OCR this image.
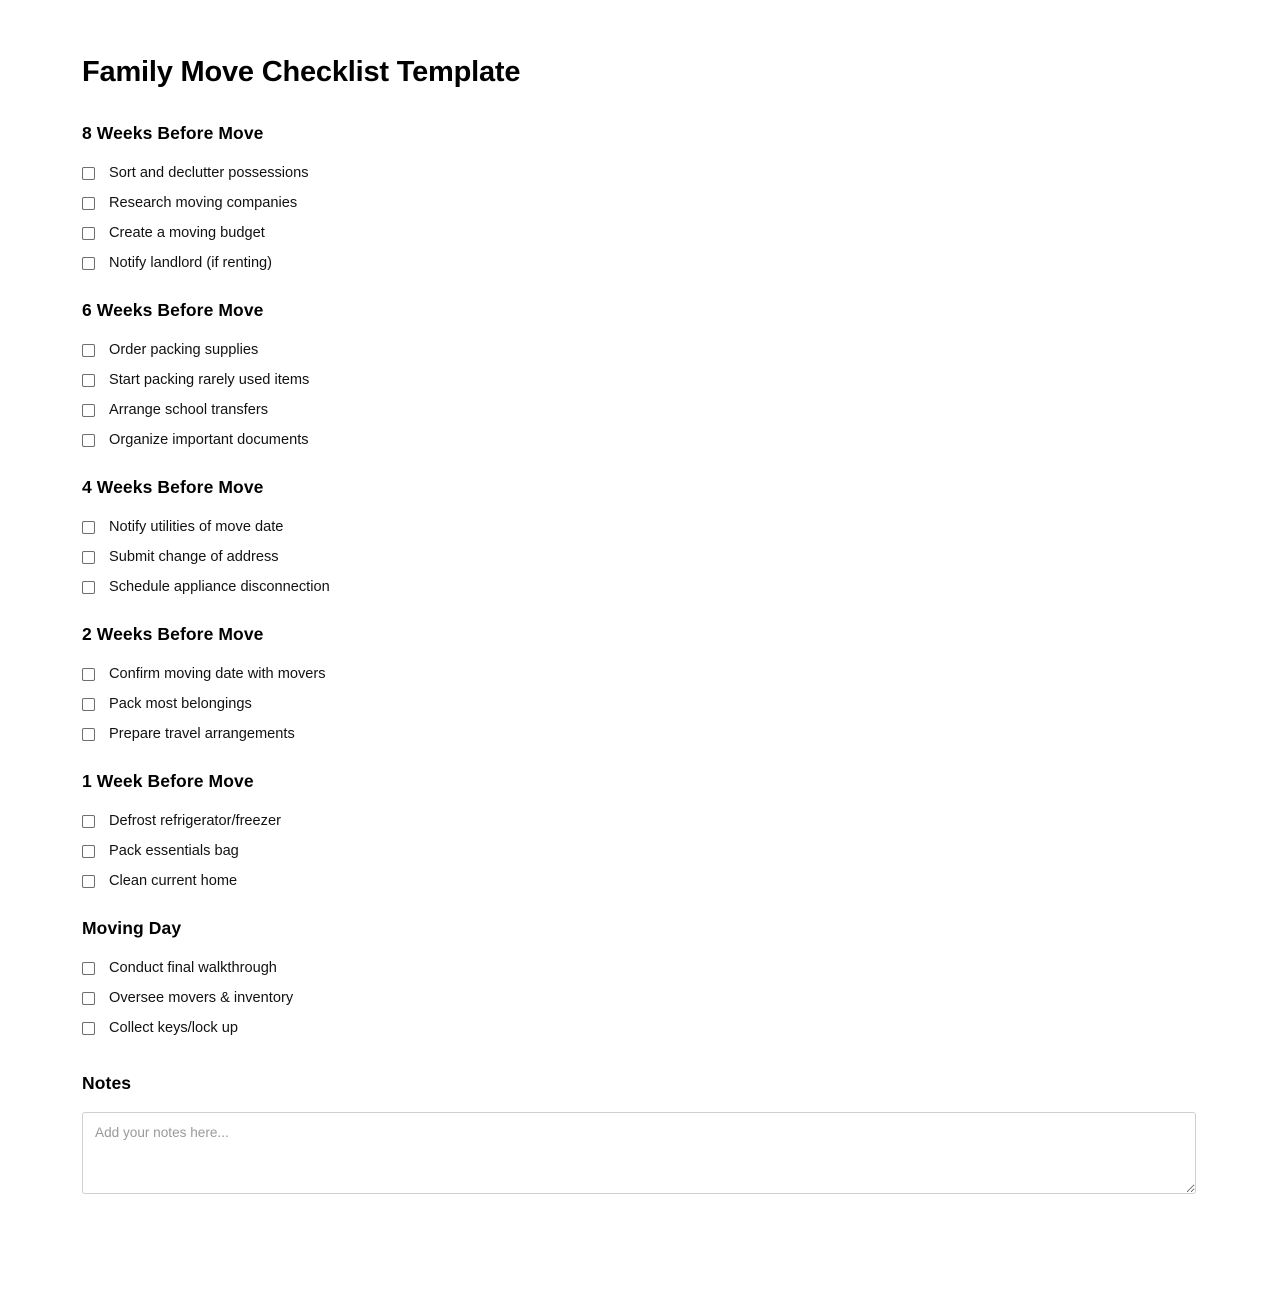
Family Move Checklist Template
8 Weeks Before Move
Sort and declutter possessions
Research moving companies
Create a moving budget
Notify landlord (if renting)
6 Weeks Before Move
Order packing supplies
Start packing rarely used items
Arrange school transfers
Organize important documents
4 Weeks Before Move
Notify utilities of move date
Submit change of address
Schedule appliance disconnection
2 Weeks Before Move
Confirm moving date with movers
Pack most belongings
Prepare travel arrangements
1 Week Before Move
Defrost refrigerator/freezer
Pack essentials bag
Clean current home
Moving Day
Conduct final walkthrough
Oversee movers & inventory
Collect keys/lock up
Notes
Add your notes here...
